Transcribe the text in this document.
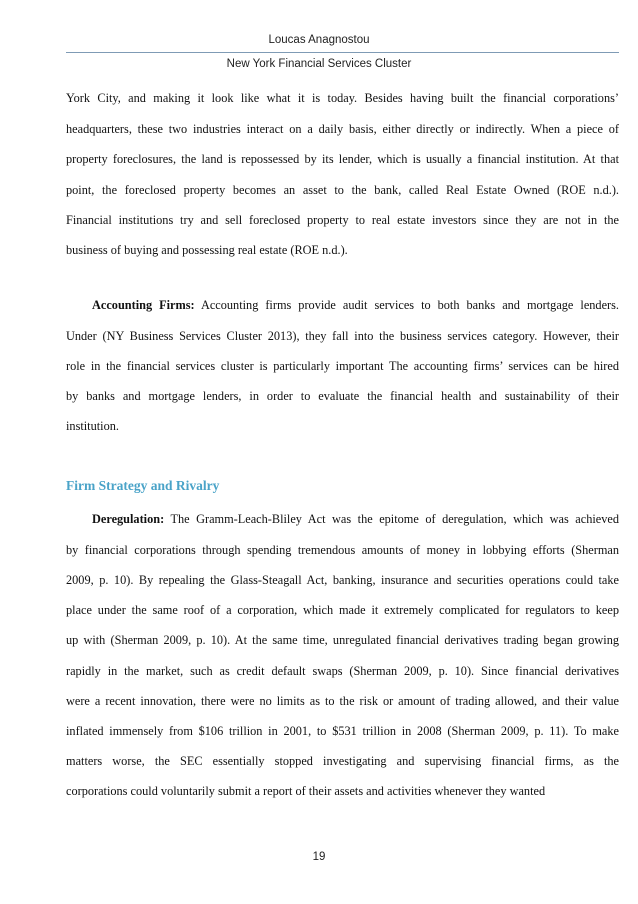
Loucas Anagnostou
New York Financial Services Cluster
York City, and making it look like what it is today. Besides having built the financial corporations’
headquarters, these two industries interact on a daily basis, either directly or indirectly. When a piece of
property foreclosures, the land is repossessed by its lender, which is usually a financial institution. At that
point, the foreclosed property becomes an asset to the bank, called Real Estate Owned (ROE n.d.).
Financial institutions try and sell foreclosed property to real estate investors since they are not in the
business of buying and possessing real estate (ROE n.d.).
Accounting Firms: Accounting firms provide audit services to both banks and mortgage lenders.
Under (NY Business Services Cluster 2013), they fall into the business services category. However, their
role in the financial services cluster is particularly important The accounting firms’ services can be hired
by banks and mortgage lenders, in order to evaluate the financial health and sustainability of their
institution.
Deregulation: The Gramm-Leach-Bliley Act was the epitome of deregulation, which was achieved
by financial corporations through spending tremendous amounts of money in lobbying efforts (Sherman
2009, p. 10). By repealing the Glass-Steagall Act, banking, insurance and securities operations could take
place under the same roof of a corporation, which made it extremely complicated for regulators to keep
up with (Sherman 2009, p. 10). At the same time, unregulated financial derivatives trading began growing
rapidly in the market, such as credit default swaps (Sherman 2009, p. 10). Since financial derivatives
were a recent innovation, there were no limits as to the risk or amount of trading allowed, and their value
inflated immensely from $106 trillion in 2001, to $531 trillion in 2008 (Sherman 2009, p. 11). To make
matters worse, the SEC essentially stopped investigating and supervising financial firms, as the
corporations could voluntarily submit a report of their assets and activities whenever they wanted
Firm Strategy and Rivalry
19
